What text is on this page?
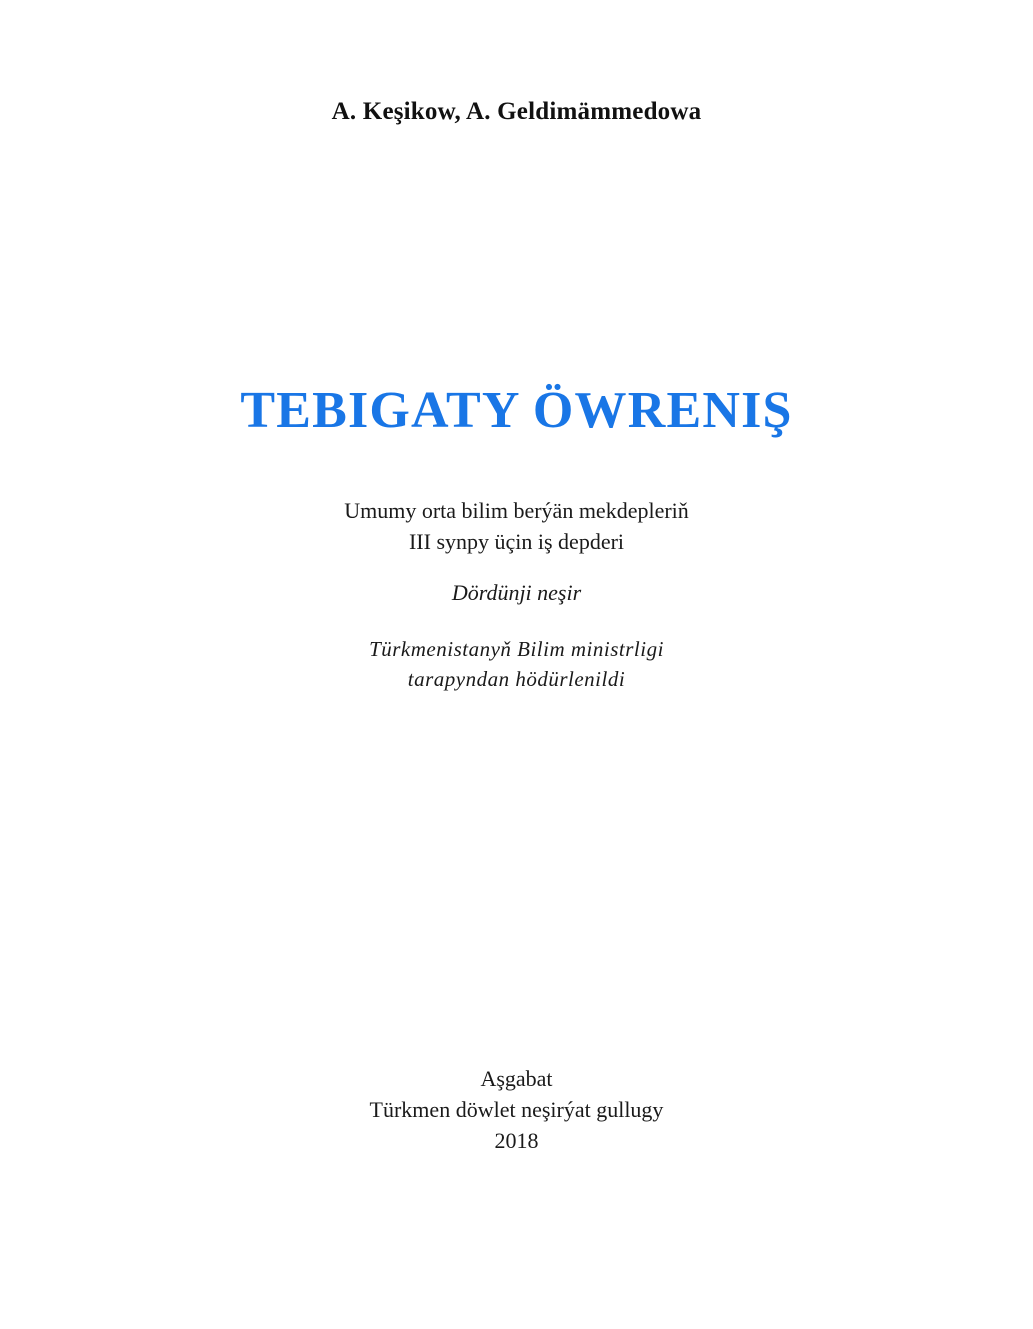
A. Keşikow, A. Geldimämmedowa
TEBIGATY ÖWRENIŞ
Umumy orta bilim berýän mekdepleriň
III synpy üçin iş depderi
Dördünji neşir
Türkmenistanyň Bilim ministrligi
tarapyndan hödürlenildi
Aşgabat
Türkmen döwlet neşirýat gullugy
2018
